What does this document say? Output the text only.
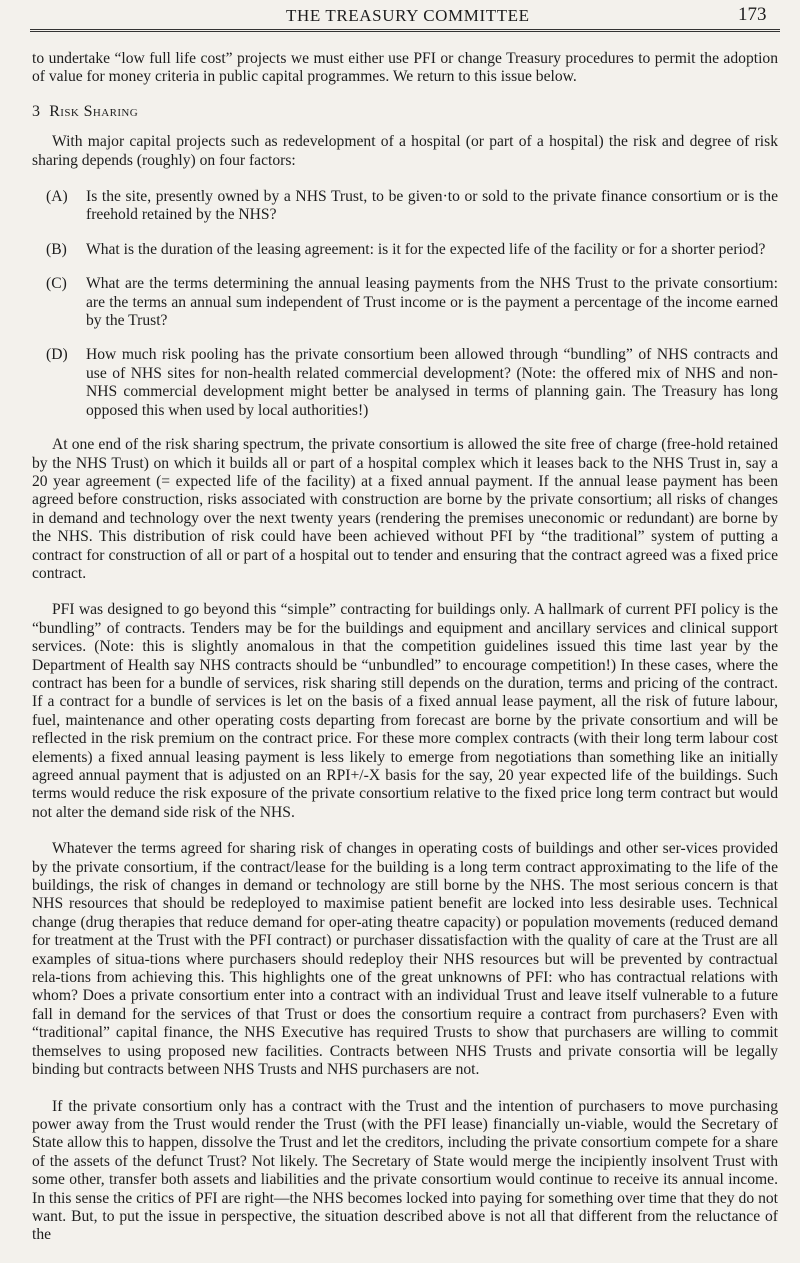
THE TREASURY COMMITTEE	173

to undertake “low full life cost” projects we must either use PFI or change Treasury procedures to permit the adoption of value for money criteria in public capital programmes. We return to this issue below.

3 Risk Sharing

With major capital projects such as redevelopment of a hospital (or part of a hospital) the risk and degree of risk sharing depends (roughly) on four factors:

(A) Is the site, presently owned by a NHS Trust, to be given·to or sold to the private finance consortium or is the freehold retained by the NHS?
(B) What is the duration of the leasing agreement: is it for the expected life of the facility or for a shorter period?
(C) What are the terms determining the annual leasing payments from the NHS Trust to the private consortium: are the terms an annual sum independent of Trust income or is the payment a percentage of the income earned by the Trust?
(D) How much risk pooling has the private consortium been allowed through “bundling” of NHS contracts and use of NHS sites for non-health related commercial development? (Note: the offered mix of NHS and non-NHS commercial development might better be analysed in terms of planning gain. The Treasury has long opposed this when used by local authorities!)

At one end of the risk sharing spectrum, the private consortium is allowed the site free of charge (free-hold retained by the NHS Trust) on which it builds all or part of a hospital complex which it leases back to the NHS Trust in, say a 20 year agreement (= expected life of the facility) at a fixed annual payment. If the annual lease payment has been agreed before construction, risks associated with construction are borne by the private consortium; all risks of changes in demand and technology over the next twenty years (rendering the premises uneconomic or redundant) are borne by the NHS. This distribution of risk could have been achieved without PFI by “the traditional” system of putting a contract for construction of all or part of a hospital out to tender and ensuring that the contract agreed was a fixed price contract.

PFI was designed to go beyond this “simple” contracting for buildings only. A hallmark of current PFI policy is the “bundling” of contracts. Tenders may be for the buildings and equipment and ancillary services and clinical support services. (Note: this is slightly anomalous in that the competition guidelines issued this time last year by the Department of Health say NHS contracts should be “unbundled” to encourage competition!) In these cases, where the contract has been for a bundle of services, risk sharing still depends on the duration, terms and pricing of the contract. If a contract for a bundle of services is let on the basis of a fixed annual lease payment, all the risk of future labour, fuel, maintenance and other operating costs departing from forecast are borne by the private consortium and will be reflected in the risk premium on the contract price. For these more complex contracts (with their long term labour cost elements) a fixed annual leasing payment is less likely to emerge from negotiations than something like an initially agreed annual payment that is adjusted on an RPI+/-X basis for the say, 20 year expected life of the buildings. Such terms would reduce the risk exposure of the private consortium relative to the fixed price long term contract but would not alter the demand side risk of the NHS.

Whatever the terms agreed for sharing risk of changes in operating costs of buildings and other ser-vices provided by the private consortium, if the contract/lease for the building is a long term contract approximating to the life of the buildings, the risk of changes in demand or technology are still borne by the NHS. The most serious concern is that NHS resources that should be redeployed to maximise patient benefit are locked into less desirable uses. Technical change (drug therapies that reduce demand for oper-ating theatre capacity) or population movements (reduced demand for treatment at the Trust with the PFI contract) or purchaser dissatisfaction with the quality of care at the Trust are all examples of situa-tions where purchasers should redeploy their NHS resources but will be prevented by contractual rela-tions from achieving this. This highlights one of the great unknowns of PFI: who has contractual relations with whom? Does a private consortium enter into a contract with an individual Trust and leave itself vulnerable to a future fall in demand for the services of that Trust or does the consortium require a contract from purchasers? Even with “traditional” capital finance, the NHS Executive has required Trusts to show that purchasers are willing to commit themselves to using proposed new facilities. Contracts between NHS Trusts and private consortia will be legally binding but contracts between NHS Trusts and NHS purchasers are not.

If the private consortium only has a contract with the Trust and the intention of purchasers to move purchasing power away from the Trust would render the Trust (with the PFI lease) financially un-viable, would the Secretary of State allow this to happen, dissolve the Trust and let the creditors, including the private consortium compete for a share of the assets of the defunct Trust? Not likely. The Secretary of State would merge the incipiently insolvent Trust with some other, transfer both assets and liabilities and the private consortium would continue to receive its annual income. In this sense the critics of PFI are right—the NHS becomes locked into paying for something over time that they do not want. But, to put the issue in perspective, the situation described above is not all that different from the reluctance of the
